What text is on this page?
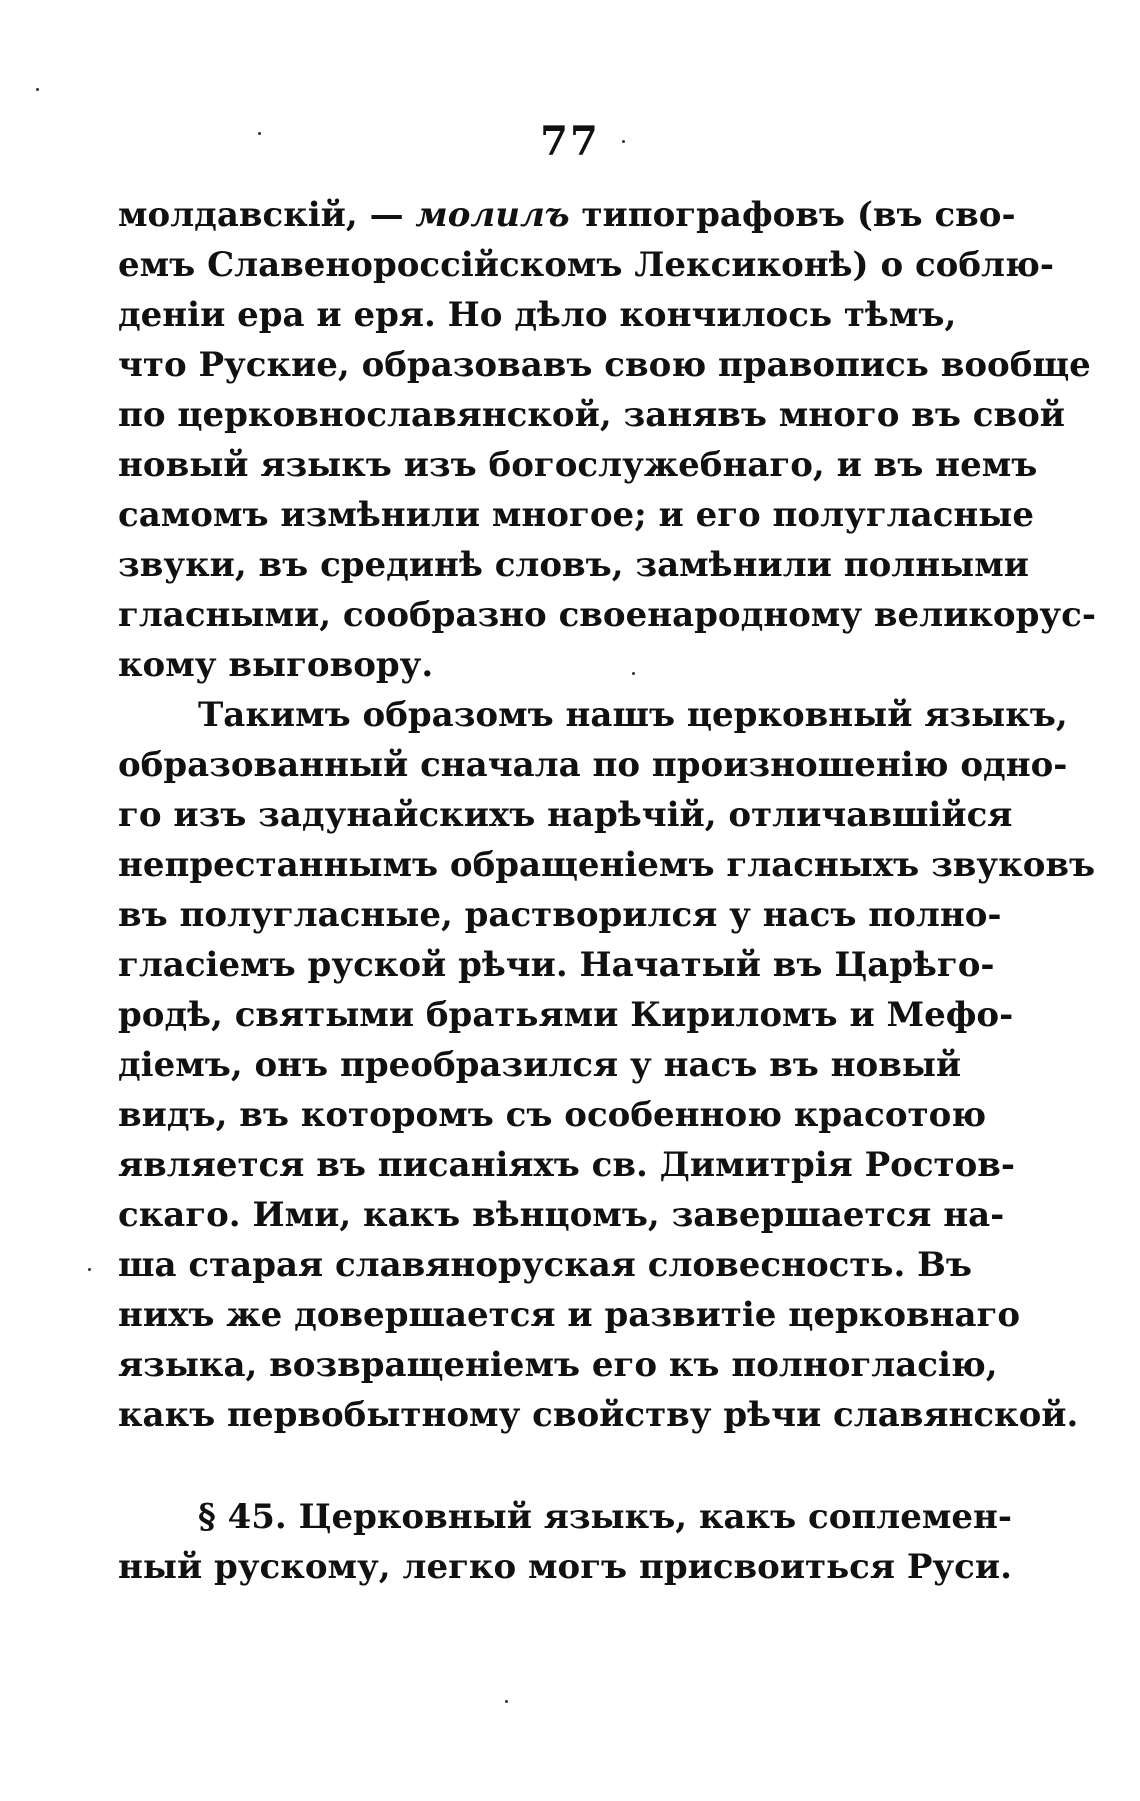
77
молдавскій, — молилъ типографовъ (въ сво-
емъ Славенороссійскомъ Лексиконѣ) о соблю-
деніи ера и еря. Но дѣло кончилось тѣмъ,
что Руские, образовавъ свою правопись вообще
по церковнославянской, занявъ много въ свой
новый языкъ изъ богослужебнаго, и въ немъ
самомъ измѣнили многое; и его полугласные
звуки, въ срединѣ словъ, замѣнили полными
гласными, сообразно своенародному великорус-
кому выговору.
Такимъ образомъ нашъ церковный языкъ,
образованный сначала по произношенію одно-
го изъ задунайскихъ нарѣчій, отличавшійся
непрестаннымъ обращеніемъ гласныхъ звуковъ
въ полугласные, растворился у насъ полно-
гласіемъ руской рѣчи. Начатый въ Царѣго-
родѣ, святыми братьями Кириломъ и Мефо-
діемъ, онъ преобразился у насъ въ новый
видъ, въ которомъ съ особенною красотою
является въ писаніяхъ св. Димитрія Ростов-
скаго. Ими, какъ вѣнцомъ, завершается на-
ша старая славяноруская словесность. Въ
нихъ же довершается и развитіе церковнаго
языка, возвращеніемъ его къ полногласію,
какъ первобытному свойству рѣчи славянской.
§ 45. Церковный языкъ, какъ соплемен-
ный рускому, легко могъ присвоиться Руси.
